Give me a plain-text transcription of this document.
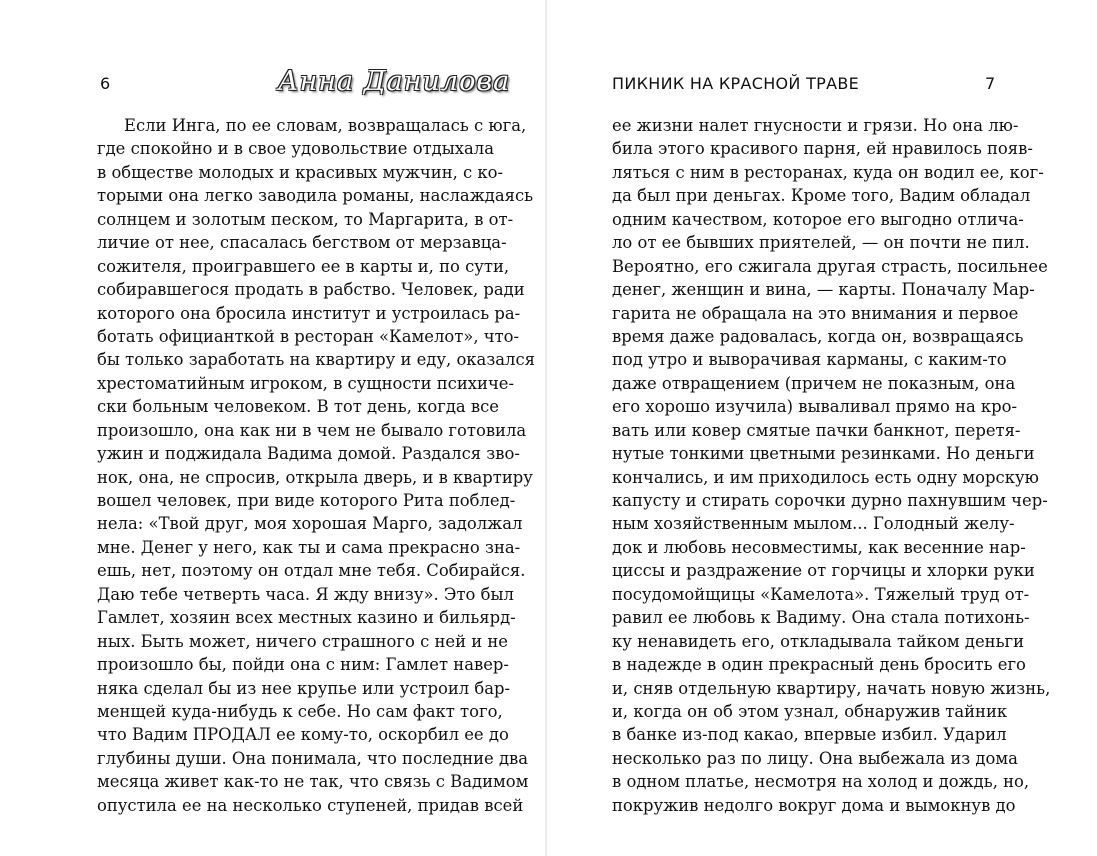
6	Анна Данилова
Если Инга, по ее словам, возвращалась с юга,
где спокойно и в свое удовольствие отдыхала
в обществе молодых и красивых мужчин, с ко-
торыми она легко заводила романы, наслаждаясь
солнцем и золотым песком, то Маргарита, в от-
личие от нее, спасалась бегством от мерзавца-
сожителя, проигравшего ее в карты и, по сути,
собиравшегося продать в рабство. Человек, ради
которого она бросила институт и устроилась ра-
ботать официанткой в ресторан «Камелот», что-
бы только заработать на квартиру и еду, оказался
хрестоматийным игроком, в сущности психиче-
ски больным человеком. В тот день, когда все
произошло, она как ни в чем не бывало готовила
ужин и поджидала Вадима домой. Раздался зво-
нок, она, не спросив, открыла дверь, и в квартиру
вошел человек, при виде которого Рита поблед-
нела: «Твой друг, моя хорошая Марго, задолжал
мне. Денег у него, как ты и сама прекрасно зна-
ешь, нет, поэтому он отдал мне тебя. Собирайся.
Даю тебе четверть часа. Я жду внизу». Это был
Гамлет, хозяин всех местных казино и бильярд-
ных. Быть может, ничего страшного с ней и не
произошло бы, пойди она с ним: Гамлет навер-
няка сделал бы из нее крупье или устроил бар-
менщей куда-нибудь к себе. Но сам факт того,
что Вадим ПРОДАЛ ее кому-то, оскорбил ее до
глубины души. Она понимала, что последние два
месяца живет как-то не так, что связь с Вадимом
опустила ее на несколько ступеней, придав всей
ПИКНИК НА КРАСНОЙ ТРАВЕ	7
ее жизни налет гнусности и грязи. Но она лю-
била этого красивого парня, ей нравилось появ-
ляться с ним в ресторанах, куда он водил ее, ког-
да был при деньгах. Кроме того, Вадим обладал
одним качеством, которое его выгодно отлича-
ло от ее бывших приятелей, — он почти не пил.
Вероятно, его сжигала другая страсть, посильнее
денег, женщин и вина, — карты. Поначалу Мар-
гарита не обращала на это внимания и первое
время даже радовалась, когда он, возвращаясь
под утро и выворачивая карманы, с каким-то
даже отвращением (причем не показным, она
его хорошо изучила) вываливал прямо на кро-
вать или ковер смятые пачки банкнот, перетя-
нутые тонкими цветными резинками. Но деньги
кончались, и им приходилось есть одну морскую
капусту и стирать сорочки дурно пахнувшим чер-
ным хозяйственным мылом... Голодный желу-
док и любовь несовместимы, как весенние нар-
циссы и раздражение от горчицы и хлорки руки
посудомойщицы «Камелота». Тяжелый труд от-
равил ее любовь к Вадиму. Она стала потихонь-
ку ненавидеть его, откладывала тайком деньги
в надежде в один прекрасный день бросить его
и, сняв отдельную квартиру, начать новую жизнь,
и, когда он об этом узнал, обнаружив тайник
в банке из-под какао, впервые избил. Ударил
несколько раз по лицу. Она выбежала из дома
в одном платье, несмотря на холод и дождь, но,
покружив недолго вокруг дома и вымокнув до
